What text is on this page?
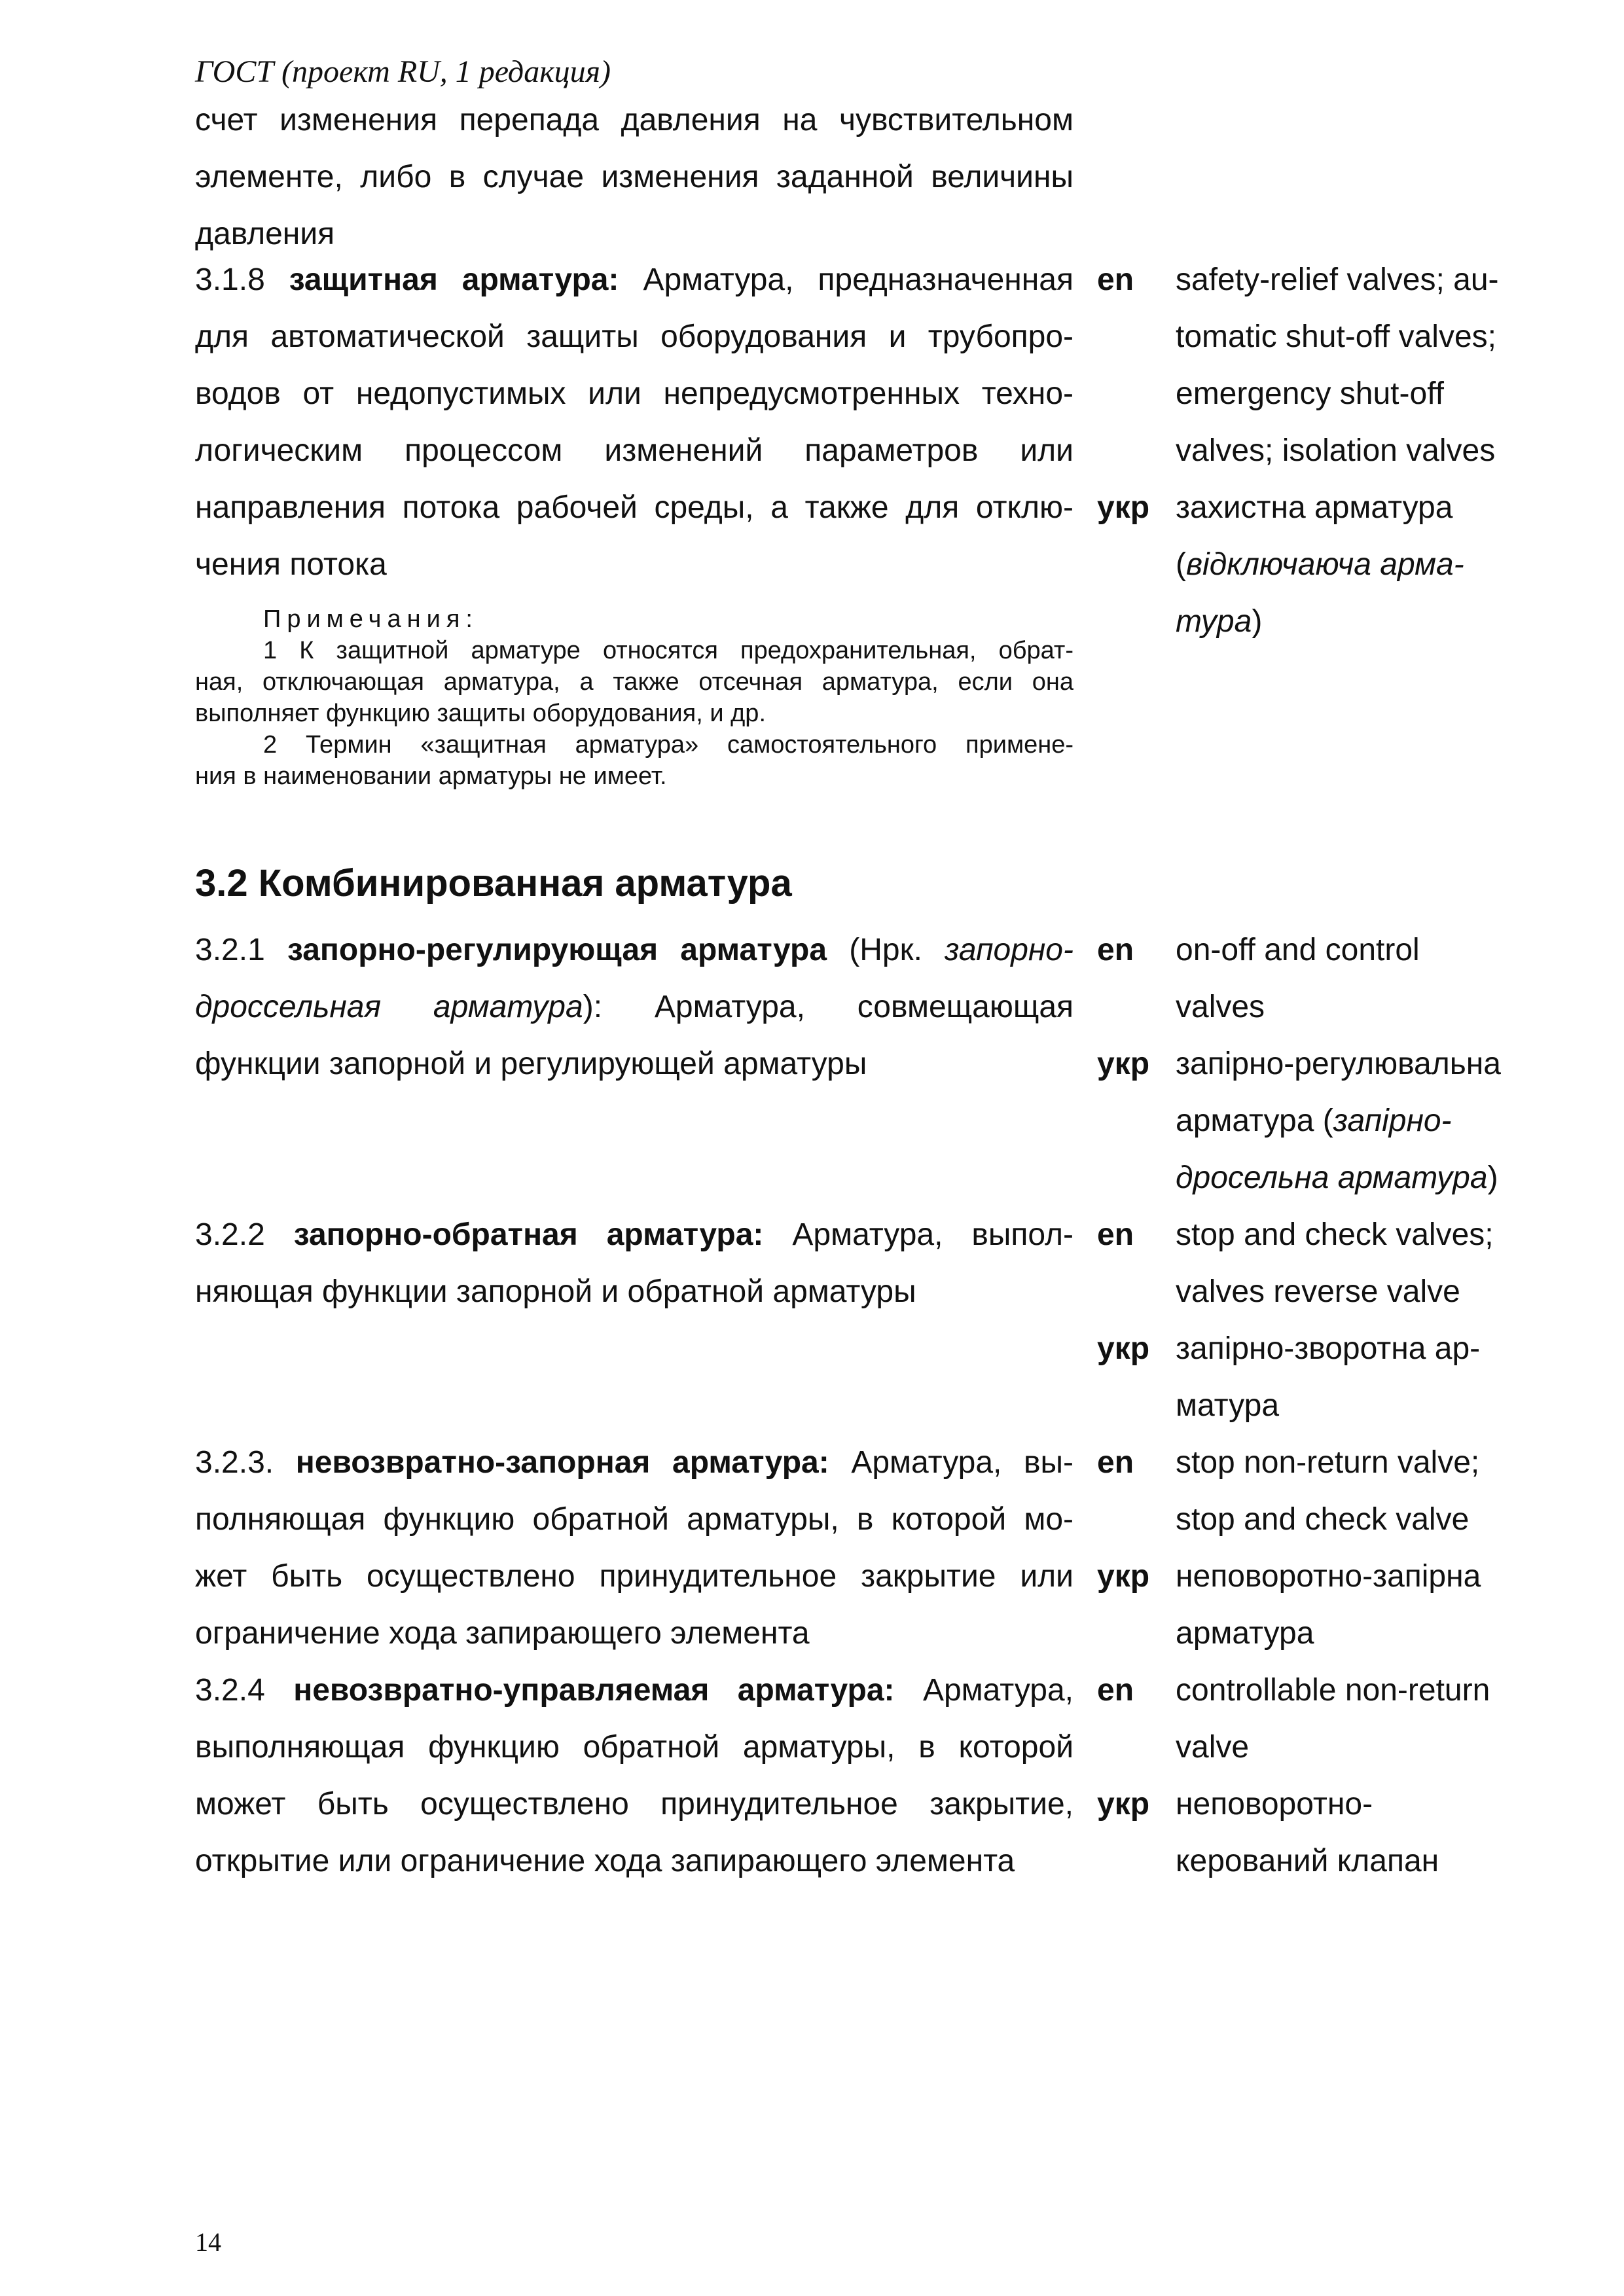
ГОСТ (проект RU, 1 редакция)
счет изменения перепада давления на чувствительном
элементе, либо в случае изменения заданной величины
давления
3.1.8 защитная арматура: Арматура, предназначенная
для автоматической защиты оборудования и трубопро-
водов от недопустимых или непредусмотренных техно-
логическим процессом изменений параметров или
направления потока рабочей среды, а также для отклю-
чения потока
en safety-relief valves; au-
tomatic shut-off valves;
emergency shut-off
valves; isolation valves
укр захистна арматура
(відключаюча арма-
тура)
Примечания:
1 К защитной арматуре относятся предохранительная, обрат-
ная, отключающая арматура, а также отсечная арматура, если она
выполняет функцию защиты оборудования, и др.
2 Термин «защитная арматура» самостоятельного примене-
ния в наименовании арматуры не имеет.
3.2 Комбинированная арматура
3.2.1 запорно-регулирующая арматура (Нрк. запорно-
дроссельная арматура): Арматура, совмещающая
функции запорной и регулирующей арматуры
en on-off and control
valves
укр запірно-регулювальна
арматура (запірно-
дросельна арматура)
3.2.2 запорно-обратная арматура: Арматура, выпол-
няющая функции запорной и обратной арматуры
en stop and check valves;
valves reverse valve
укр запірно-зворотна ар-
матура
3.2.3. невозвратно-запорная арматура: Арматура, вы-
полняющая функцию обратной арматуры, в которой мо-
жет быть осуществлено принудительное закрытие или
ограничение хода запирающего элемента
en stop non-return valve;
stop and check valve
укр неповоротно-запірна
арматура
3.2.4 невозвратно-управляемая арматура: Арматура,
выполняющая функцию обратной арматуры, в которой
может быть осуществлено принудительное закрытие,
открытие или ограничение хода запирающего элемента
en controllable non-return
valve
укр неповоротно-
керований клапан
14
